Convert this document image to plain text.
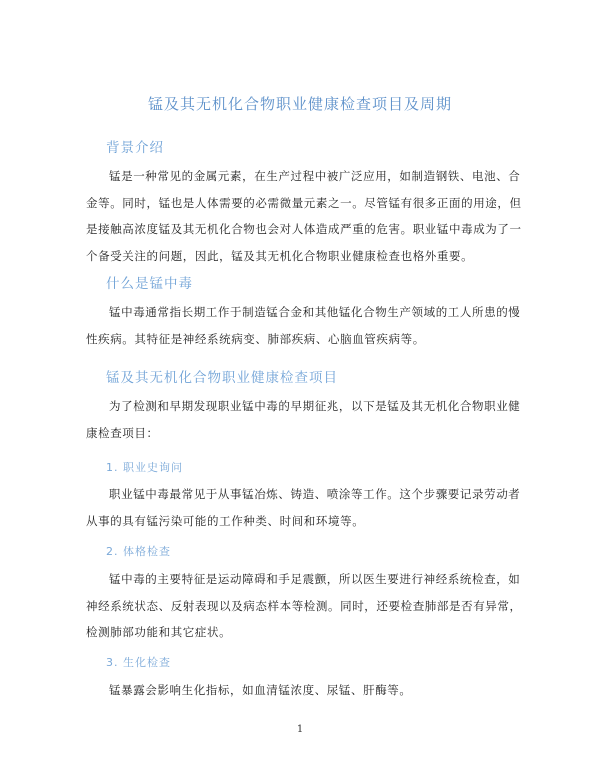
锰及其无机化合物职业健康检查项目及周期
背景介绍
锰是一种常见的金属元素，在生产过程中被广泛应用，如制造钢铁、电池、合
金等。同时，锰也是人体需要的必需微量元素之一。尽管锰有很多正面的用途，但
是接触高浓度锰及其无机化合物也会对人体造成严重的危害。职业锰中毒成为了一
个备受关注的问题，因此，锰及其无机化合物职业健康检查也格外重要。
什么是锰中毒
锰中毒通常指长期工作于制造锰合金和其他锰化合物生产领域的工人所患的慢
性疾病。其特征是神经系统病变、肺部疾病、心脑血管疾病等。
锰及其无机化合物职业健康检查项目
为了检测和早期发现职业锰中毒的早期征兆，以下是锰及其无机化合物职业健
康检查项目：
1. 职业史询问
职业锰中毒最常见于从事锰冶炼、铸造、喷涂等工作。这个步骤要记录劳动者
从事的具有锰污染可能的工作种类、时间和环境等。
2. 体格检查
锰中毒的主要特征是运动障碍和手足震颤，所以医生要进行神经系统检查，如
神经系统状态、反射表现以及病态样本等检测。同时，还要检查肺部是否有异常，
检测肺部功能和其它症状。
3. 生化检查
锰暴露会影响生化指标，如血清锰浓度、尿锰、肝酶等。
1
